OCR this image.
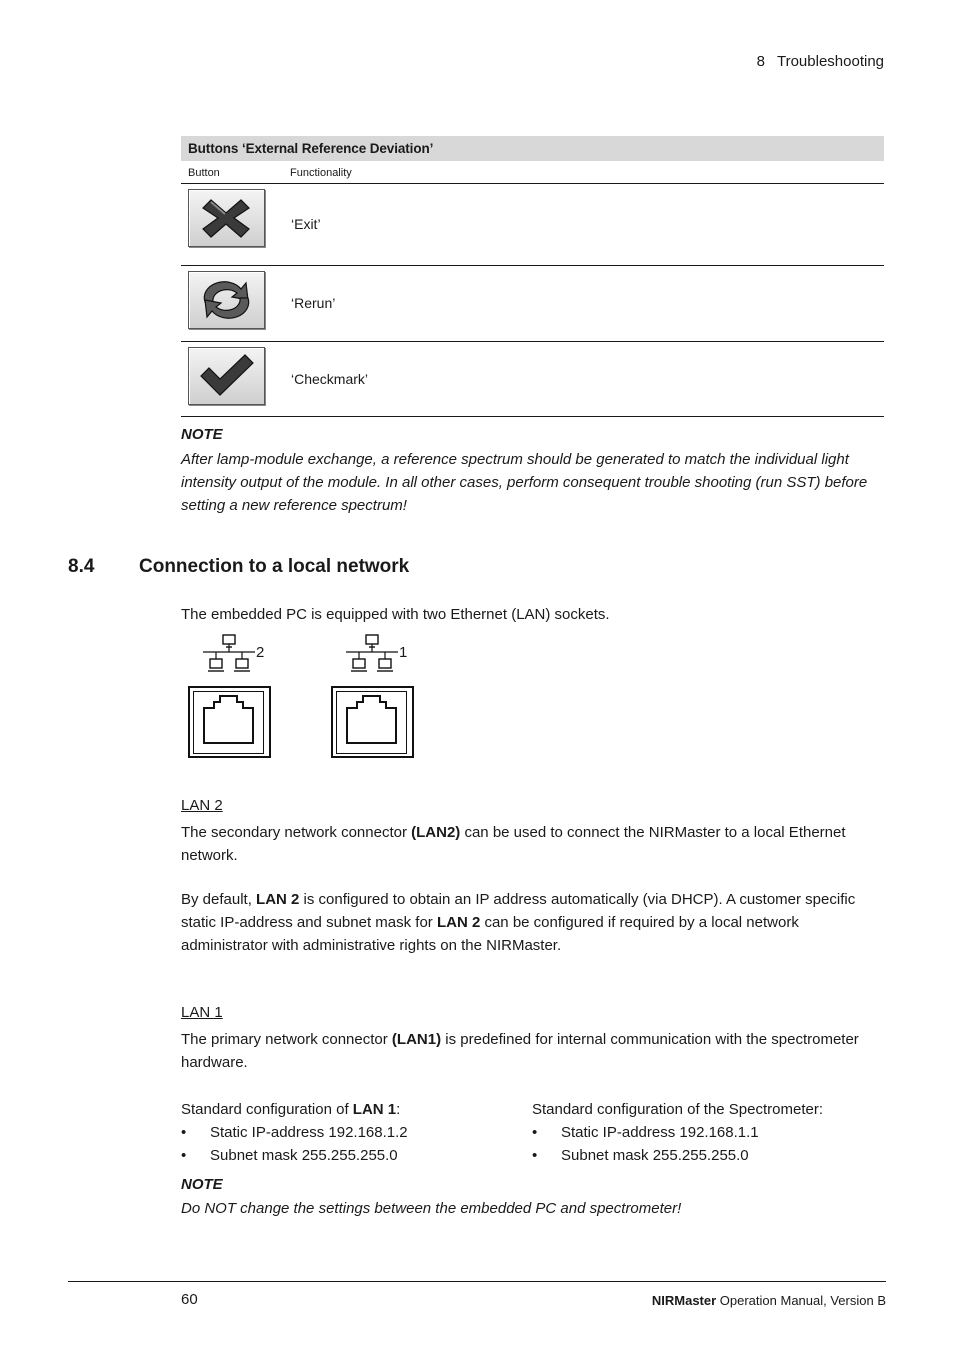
8 Troubleshooting
Buttons ‘External Reference Deviation’
Button	Functionality
‘Exit’
‘Rerun’
‘Checkmark’
NOTE
After lamp-module exchange, a reference spectrum should be generated to match the individual light intensity output of the module. In all other cases, perform consequent trouble shooting (run SST) before setting a new reference spectrum!
8.4 Connection to a local network
The embedded PC is equipped with two Ethernet (LAN) sockets.
2	1
LAN 2
The secondary network connector (LAN2) can be used to connect the NIRMaster to a local Ethernet network.
By default, LAN 2 is configured to obtain an IP address automatically (via DHCP). A customer specific static IP-address and subnet mask for LAN 2 can be configured if required by a local network administrator with administrative rights on the NIRMaster.
LAN 1
The primary network connector (LAN1) is predefined for internal communication with the spectrometer hardware.
Standard configuration of LAN 1:
• Static IP-address 192.168.1.2
• Subnet mask 255.255.255.0
Standard configuration of the Spectrometer:
• Static IP-address 192.168.1.1
• Subnet mask 255.255.255.0
NOTE
Do NOT change the settings between the embedded PC and spectrometer!
60	NIRMaster Operation Manual, Version B
